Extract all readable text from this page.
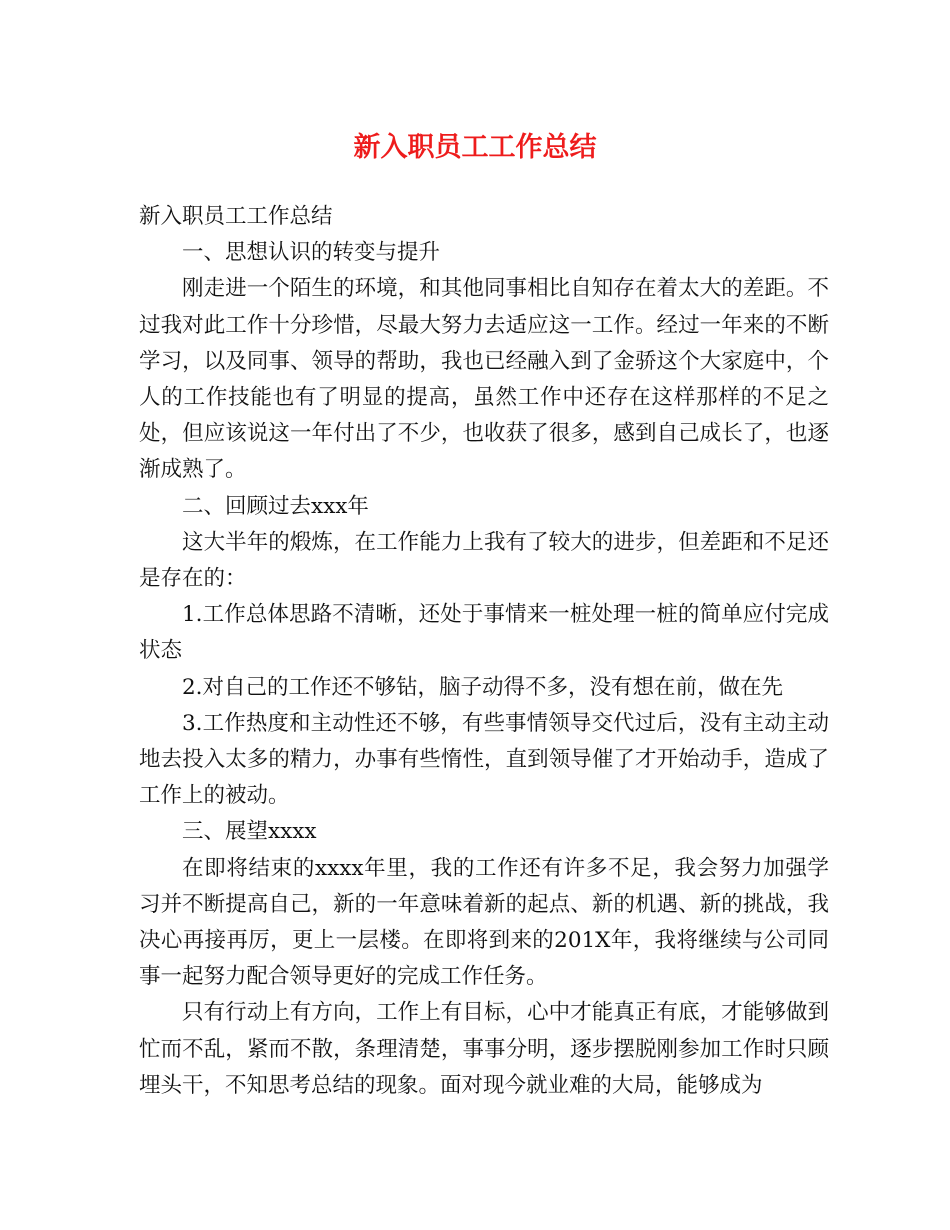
新入职员工工作总结

新入职员工工作总结

一、思想认识的转变与提升

刚走进一个陌生的环境，和其他同事相比自知存在着太大的差距。不过我对此工作十分珍惜，尽最大努力去适应这一工作。经过一年来的不断学习，以及同事、领导的帮助，我也已经融入到了金骄这个大家庭中，个人的工作技能也有了明显的提高，虽然工作中还存在这样那样的不足之处，但应该说这一年付出了不少，也收获了很多，感到自己成长了，也逐渐成熟了。

二、回顾过去xxx年

这大半年的煅炼，在工作能力上我有了较大的进步，但差距和不足还是存在的：

1.工作总体思路不清晰，还处于事情来一桩处理一桩的简单应付完成状态

2.对自己的工作还不够钻，脑子动得不多，没有想在前，做在先

3.工作热度和主动性还不够，有些事情领导交代过后，没有主动主动地去投入太多的精力，办事有些惰性，直到领导催了才开始动手，造成了工作上的被动。

三、展望xxxx

在即将结束的xxxx年里，我的工作还有许多不足，我会努力加强学习并不断提高自己，新的一年意味着新的起点、新的机遇、新的挑战，我决心再接再厉，更上一层楼。在即将到来的201X年，我将继续与公司同事一起努力配合领导更好的完成工作任务。

只有行动上有方向，工作上有目标，心中才能真正有底，才能够做到忙而不乱，紧而不散，条理清楚，事事分明，逐步摆脱刚参加工作时只顾埋头干，不知思考总结的现象。面对现今就业难的大局，能够成为
